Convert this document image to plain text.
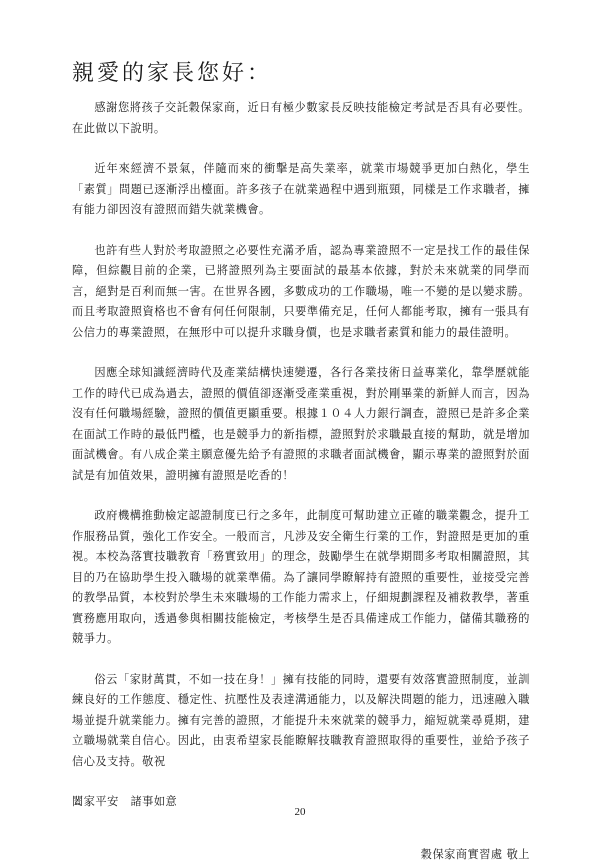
親愛的家長您好：

感謝您將孩子交託穀保家商，近日有極少數家長反映技能檢定考試是否具有必要性。在此做以下說明。

近年來經濟不景氣，伴隨而來的衝擊是高失業率，就業市場競爭更加白熱化，學生「素質」問題已逐漸浮出檯面。許多孩子在就業過程中遇到瓶頸，同樣是工作求職者，擁有能力卻因沒有證照而錯失就業機會。

也許有些人對於考取證照之必要性充滿矛盾，認為專業證照不一定是找工作的最佳保障，但綜觀目前的企業，已將證照列為主要面試的最基本依據，對於未來就業的同學而言，絕對是百利而無一害。在世界各國，多數成功的工作職場，唯一不變的是以變求勝。而且考取證照資格也不會有何任何限制，只要準備充足，任何人都能考取，擁有一張具有公信力的專業證照，在無形中可以提升求職身價，也是求職者素質和能力的最佳證明。

因應全球知識經濟時代及產業結構快速變遷，各行各業技術日益專業化，靠學歷就能工作的時代已成為過去，證照的價值卻逐漸受產業重視，對於剛畢業的新鮮人而言，因為沒有任何職場經驗，證照的價值更顯重要。根據１０４人力銀行調查，證照已是許多企業在面試工作時的最低門檻，也是競爭力的新指標，證照對於求職最直接的幫助，就是增加面試機會。有八成企業主願意優先給予有證照的求職者面試機會，顯示專業的證照對於面試是有加值效果，證明擁有證照是吃香的！

政府機構推動檢定認證制度已行之多年，此制度可幫助建立正確的職業觀念，提升工作服務品質，強化工作安全。一般而言，凡涉及安全衛生行業的工作，對證照是更加的重視。本校為落實技職教育「務實致用」的理念，鼓勵學生在就學期間多考取相關證照，其目的乃在協助學生投入職場的就業準備。為了讓同學瞭解持有證照的重要性，並接受完善的教學品質，本校對於學生未來職場的工作能力需求上，仔細規劃課程及補救教學，著重實務應用取向，透過參與相關技能檢定，考核學生是否具備達成工作能力，儲備其職務的競爭力。

俗云「家財萬貫，不如一技在身！」擁有技能的同時，還要有效落實證照制度，並訓練良好的工作態度、穩定性、抗壓性及表達溝通能力，以及解決問題的能力，迅速融入職場並提升就業能力。擁有完善的證照，才能提升未來就業的競爭力，縮短就業尋覓期，建立職場就業自信心。因此，由衷希望家長能瞭解技職教育證照取得的重要性，並給予孩子信心及支持。敬祝

闔家平安　諸事如意

穀保家商實習處 敬上

20
